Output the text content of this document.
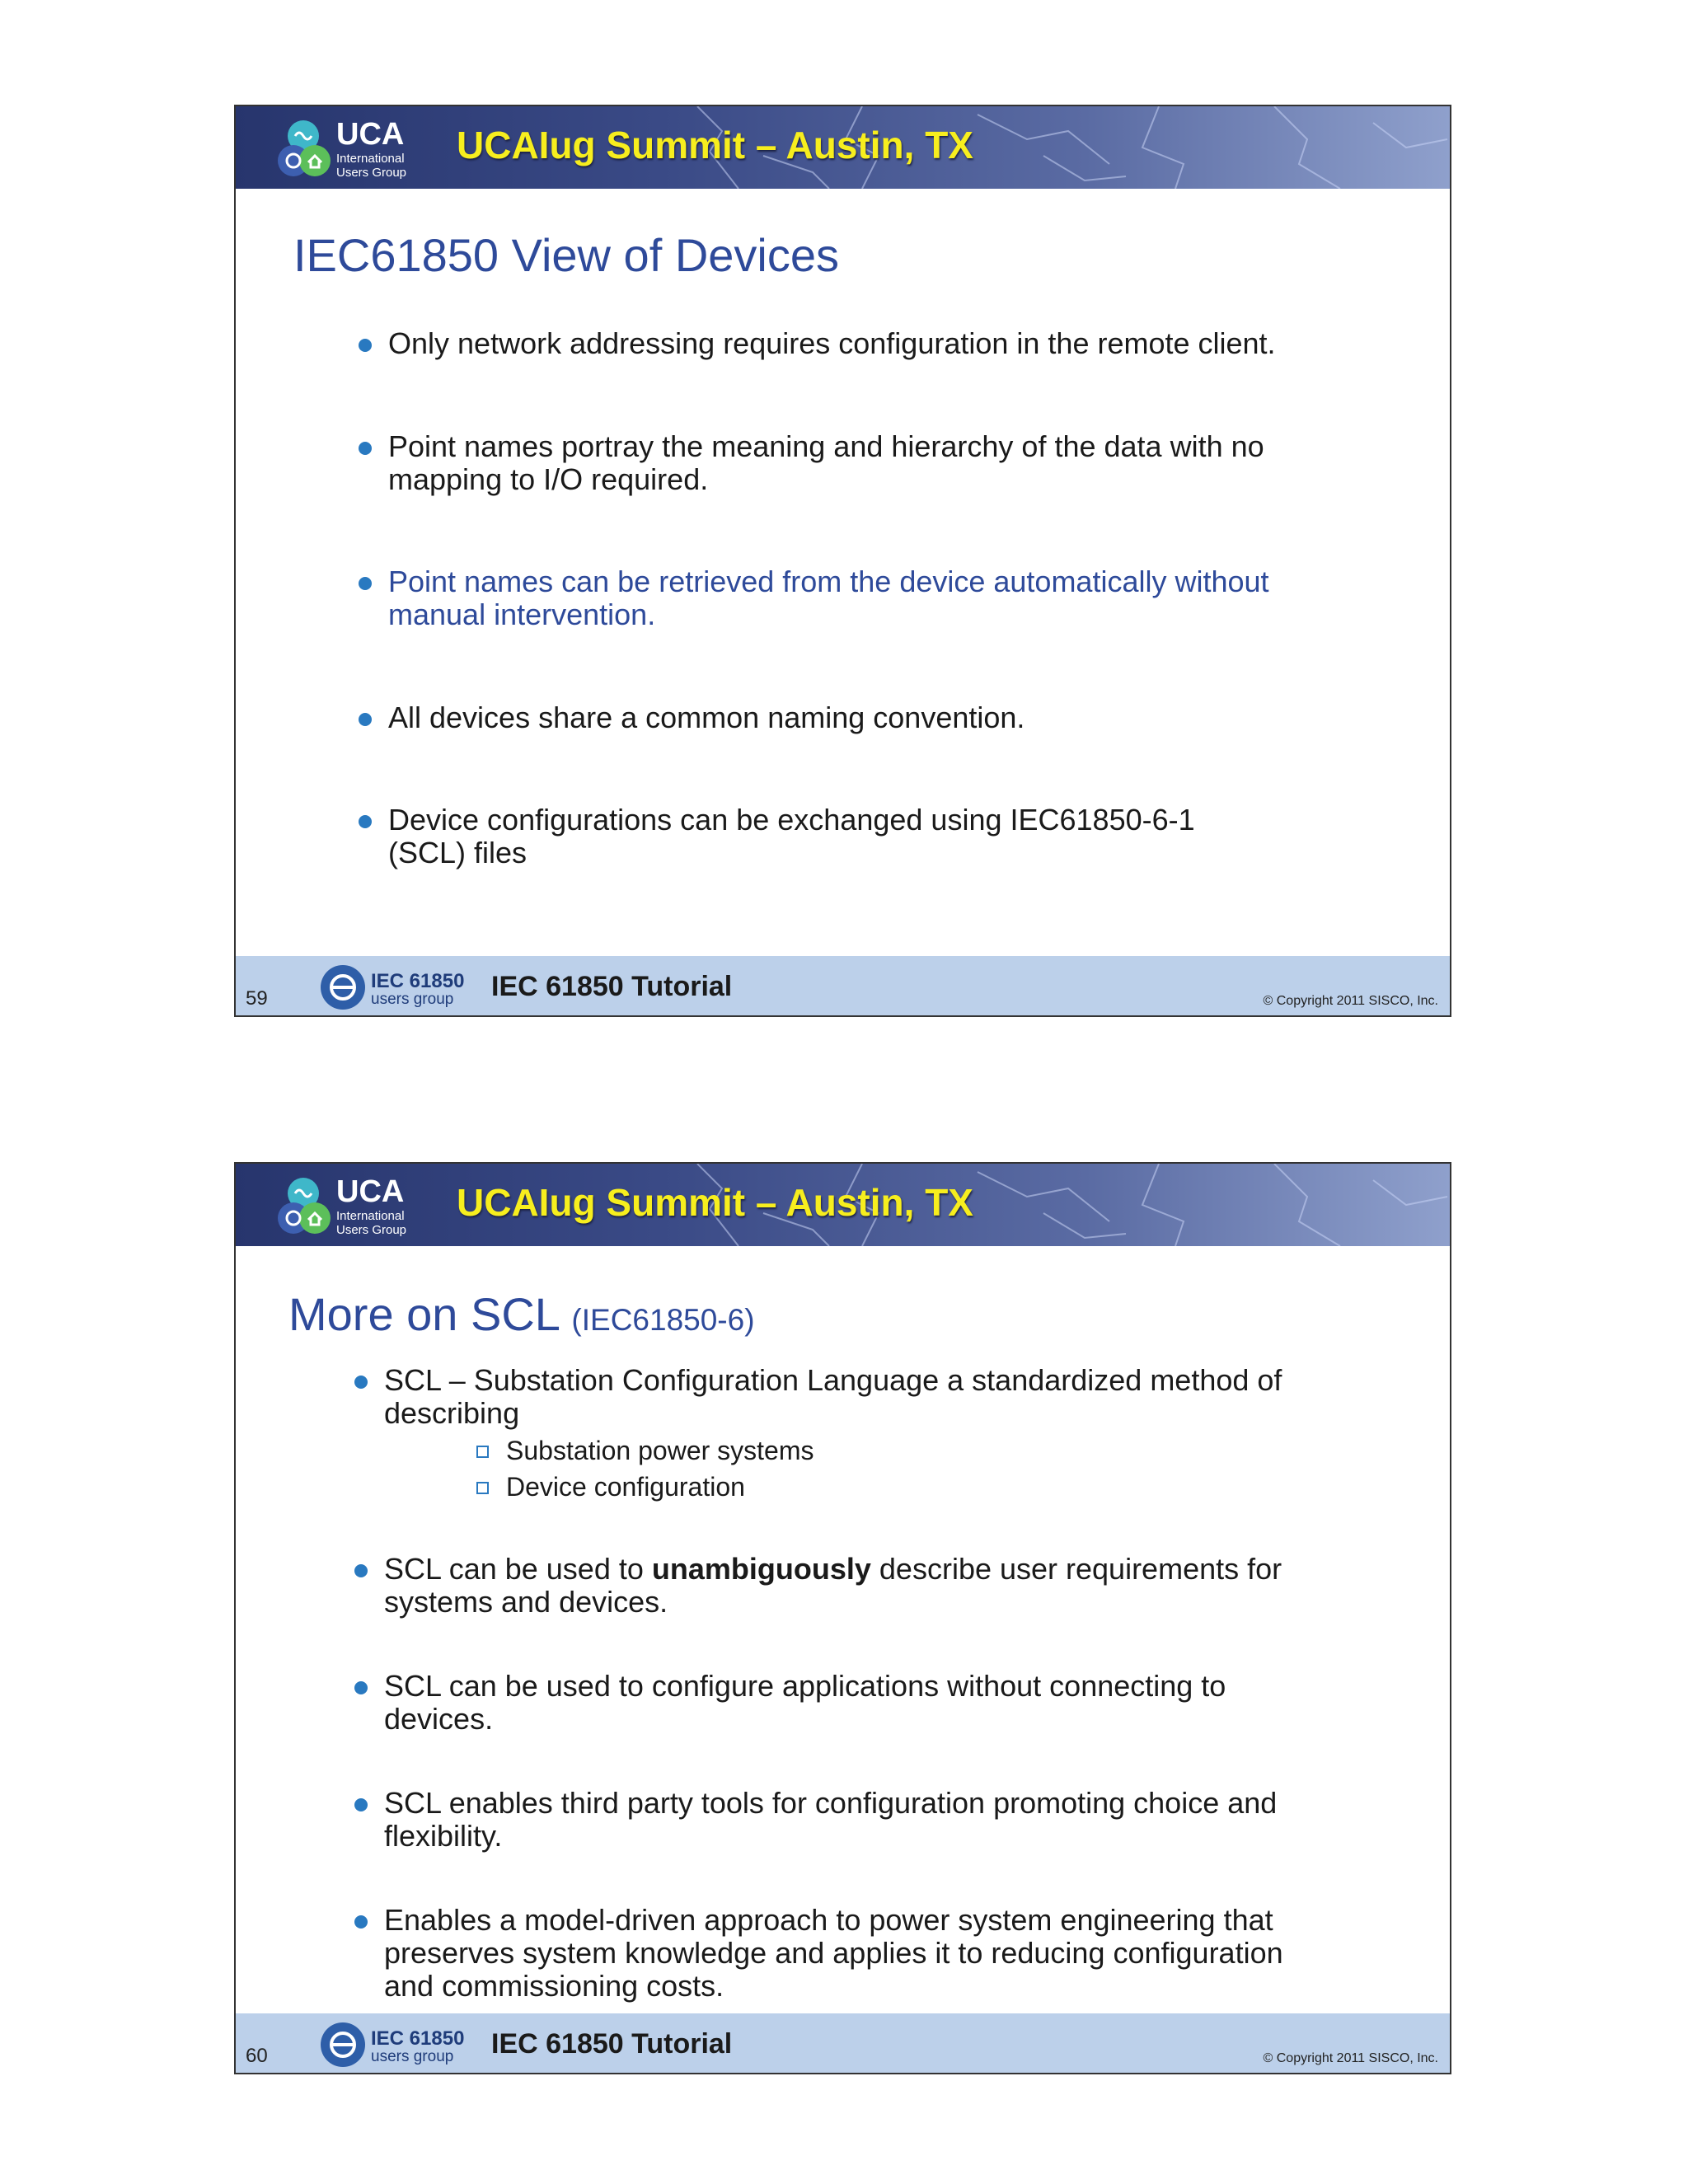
UCA
International
Users Group
UCAIug Summit – Austin, TX
IEC61850 View of Devices
Only network addressing requires configuration in the remote client.
Point names portray the meaning and hierarchy of the data with no
mapping to I/O required.
Point names can be retrieved from the device automatically without
manual intervention.
All devices share a common naming convention.
Device configurations can be exchanged using IEC61850-6-1
(SCL) files
59
IEC 61850
users group IEC 61850 Tutorial	© Copyright 2011 SISCO, Inc.
UCA
International
Users Group
UCAIug Summit – Austin, TX
More on SCL (IEC61850-6)
SCL – Substation Configuration Language a standardized method of
describing
Substation power systems
Device configuration
SCL can be used to unambiguously describe user requirements for
systems and devices.
SCL can be used to configure applications without connecting to
devices.
SCL enables third party tools for configuration promoting choice and
flexibility.
Enables a model-driven approach to power system engineering that
preserves system knowledge and applies it to reducing configuration
and commissioning costs.
60
IEC 61850
users group IEC 61850 Tutorial	© Copyright 2011 SISCO, Inc.
